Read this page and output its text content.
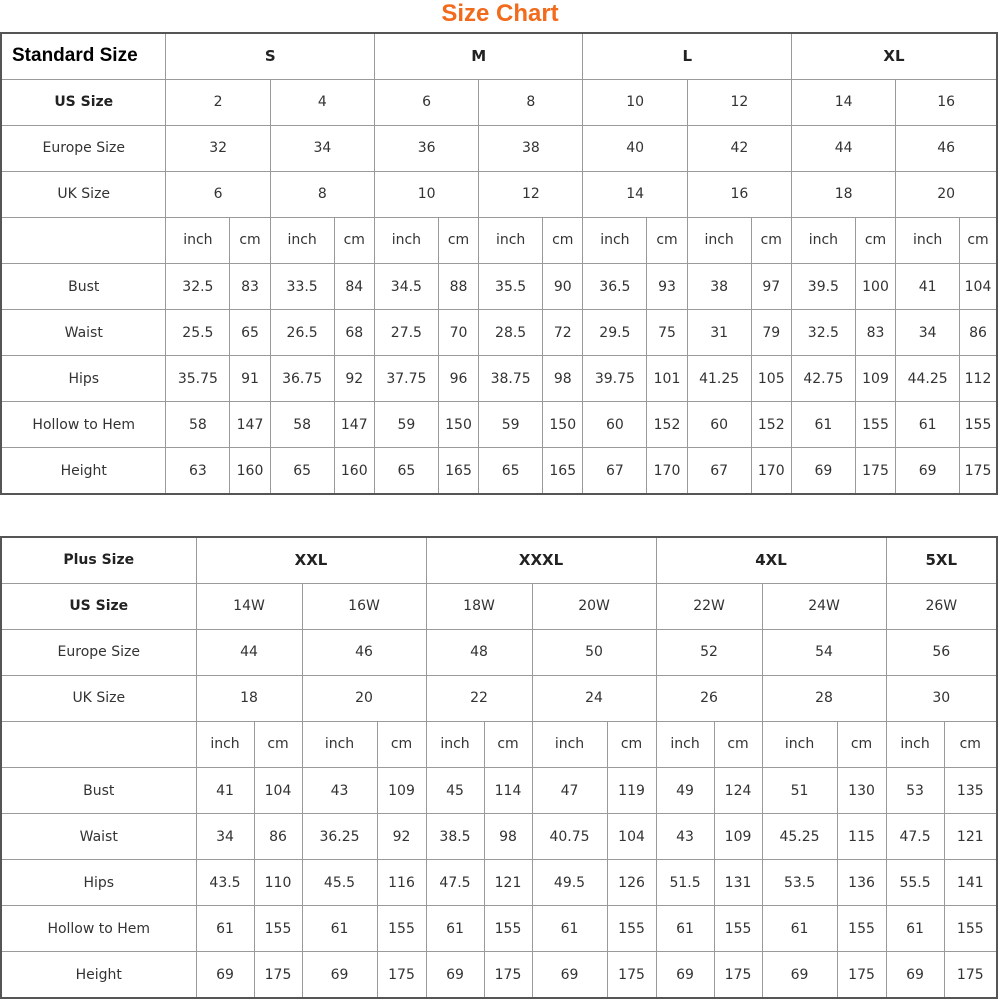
Size Chart
Standard Size	S				M				L				XL			
US Size	2		4		6		8		10		12		14		16	
Europe Size	32		34		36		38		40		42		44		46	
UK Size	6		8		10		12		14		16		18		20	
	inch	cm	inch	cm	inch	cm	inch	cm	inch	cm	inch	cm	inch	cm	inch	cm
Bust	32.5	83	33.5	84	34.5	88	35.5	90	36.5	93	38	97	39.5	100	41	104
Waist	25.5	65	26.5	68	27.5	70	28.5	72	29.5	75	31	79	32.5	83	34	86
Hips	35.75	91	36.75	92	37.75	96	38.75	98	39.75	101	41.25	105	42.75	109	44.25	112
Hollow to Hem	58	147	58	147	59	150	59	150	60	152	60	152	61	155	61	155
Height	63	160	65	160	65	165	65	165	67	170	67	170	69	175	69	175
Plus Size	XXL				XXXL				4XL				5XL	
US Size	14W		16W		18W		20W		22W		24W		26W	
Europe Size	44		46		48		50		52		54		56	
UK Size	18		20		22		24		26		28		30	
	inch	cm	inch	cm	inch	cm	inch	cm	inch	cm	inch	cm	inch	cm
Bust	41	104	43	109	45	114	47	119	49	124	51	130	53	135
Waist	34	86	36.25	92	38.5	98	40.75	104	43	109	45.25	115	47.5	121
Hips	43.5	110	45.5	116	47.5	121	49.5	126	51.5	131	53.5	136	55.5	141
Hollow to Hem	61	155	61	155	61	155	61	155	61	155	61	155	61	155
Height	69	175	69	175	69	175	69	175	69	175	69	175	69	175
